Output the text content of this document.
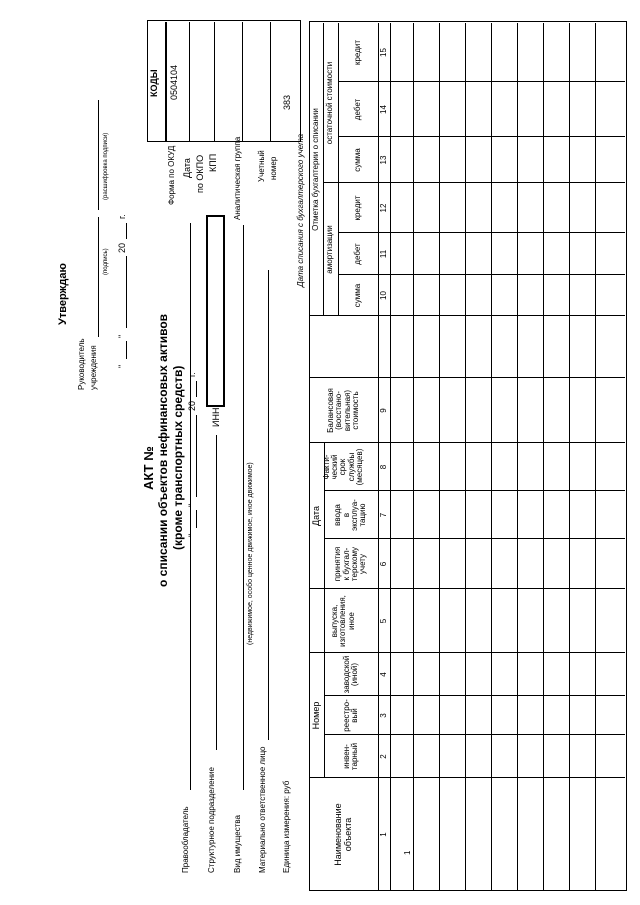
Утверждаю
Руководитель учреждения
(подпись)
(расшифровка подписи)
"
"
20
г.
АКТ № о списании объектов нефинансовых активов (кроме транспортных средств) "
"
20
г.
КОДЫ 0504104
383
Форма по ОКУД Дата по ОКПО КПП Аналитическая группа Учетный номер
Правообладатель
ИНН
Структурное подразделение Вид имущества
(недвижимое, особо ценное движимое, иное движимое)
Материально ответственное лицо Единица измерения: руб
Дата списания с бухгалтерского учета
Наименование
объекта
Номер
инвен-
тарный
реестро-
вый
заводской
(иной)
Дата
выпуска,
изготовления,
иное
принятия
к бухгал-
терскому
учету
ввода
в
эксплуа-
тацию
Факти-
ческий
срок
службы
(месяцев)
Балансовая
(восстано-
вительная)
стоимость
Отметка бухгалтерии о списании
амортизации
остаточной стоимости
сумма
дебет
кредит
сумма
дебет
кредит
1
2
3
4
5
6
7
8
9
10
11
12
13
14
15
1
